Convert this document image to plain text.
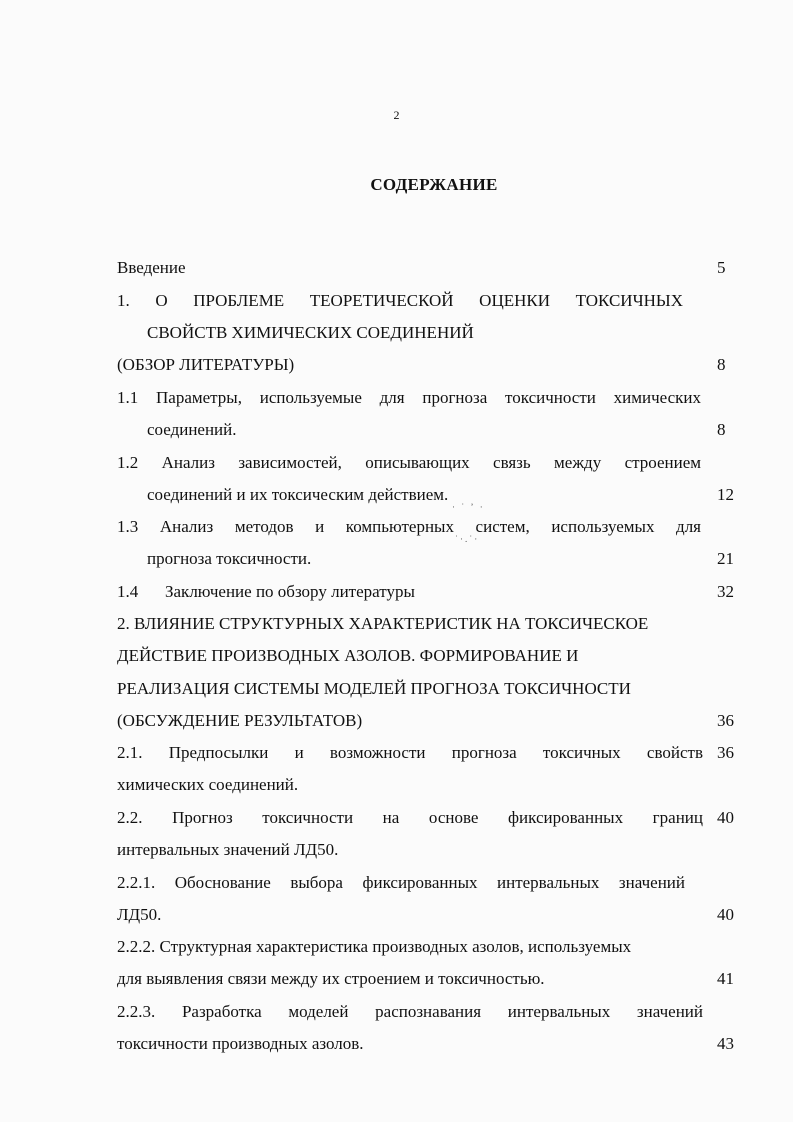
2
СОДЕРЖАНИЕ
Введение	5
1. О ПРОБЛЕМЕ ТЕОРЕТИЧЕСКОЙ ОЦЕНКИ ТОКСИЧНЫХ
СВОЙСТВ ХИМИЧЕСКИХ СОЕДИНЕНИЙ
(ОБЗОР ЛИТЕРАТУРЫ)	8
1.1 Параметры, используемые для прогноза токсичности химических
соединений.	8
1.2 Анализ зависимостей, описывающих связь между строением
соединений и их токсическим действием.	12
· ˙ ʼ ·
˙·.˙·
1.3 Анализ методов и компьютерных систем, используемых для
прогноза токсичности.	21
1.4 Заключение по обзору литературы	32
2. ВЛИЯНИЕ СТРУКТУРНЫХ ХАРАКТЕРИСТИК НА ТОКСИЧЕСКОЕ
ДЕЙСТВИЕ ПРОИЗВОДНЫХ АЗОЛОВ. ФОРМИРОВАНИЕ И
РЕАЛИЗАЦИЯ СИСТЕМЫ МОДЕЛЕЙ ПРОГНОЗА ТОКСИЧНОСТИ
(ОБСУЖДЕНИЕ РЕЗУЛЬТАТОВ)	36
2.1. Предпосылки и возможности прогноза токсичных свойств 36
химических соединений.
2.2. Прогноз токсичности на основе фиксированных границ 40
интервальных значений ЛД50.
2.2.1. Обоснование выбора фиксированных интервальных значений
ЛД50.	40
2.2.2. Структурная характеристика производных азолов, используемых
для выявления связи между их строением и токсичностью.	41
2.2.3. Разработка моделей распознавания интервальных значений
токсичности производных азолов.	43
